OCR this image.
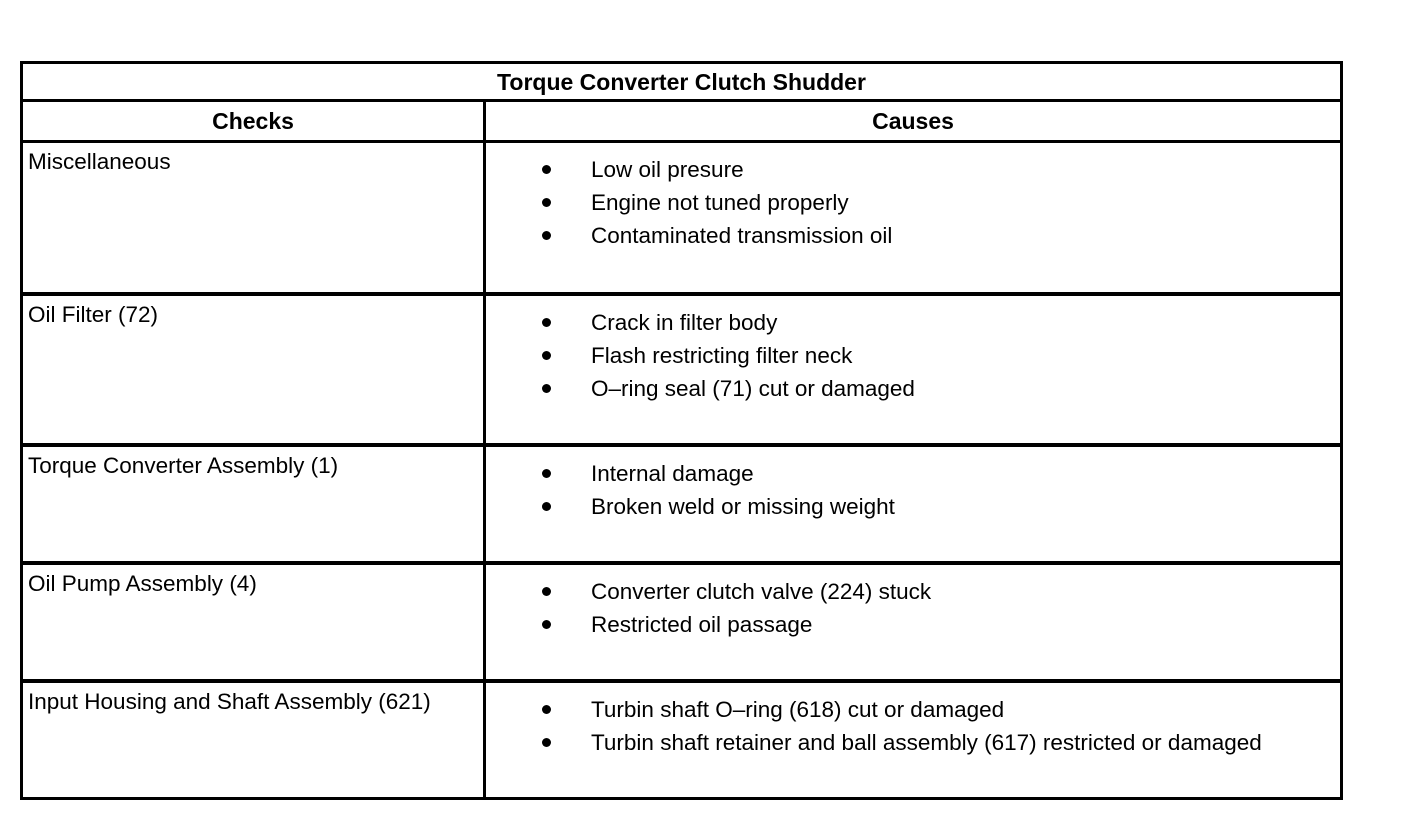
Torque Converter Clutch Shudder
Checks	Causes
Miscellaneous	Low oil presure
Engine not tuned properly
Contaminated transmission oil
Oil Filter (72)	Crack in filter body
Flash restricting filter neck
O–ring seal (71) cut or damaged
Torque Converter Assembly (1)	Internal damage
Broken weld or missing weight
Oil Pump Assembly (4)	Converter clutch valve (224) stuck
Restricted oil passage
Input Housing and Shaft Assembly (621)	Turbin shaft O–ring (618) cut or damaged
Turbin shaft retainer and ball assembly (617) restricted or damaged
